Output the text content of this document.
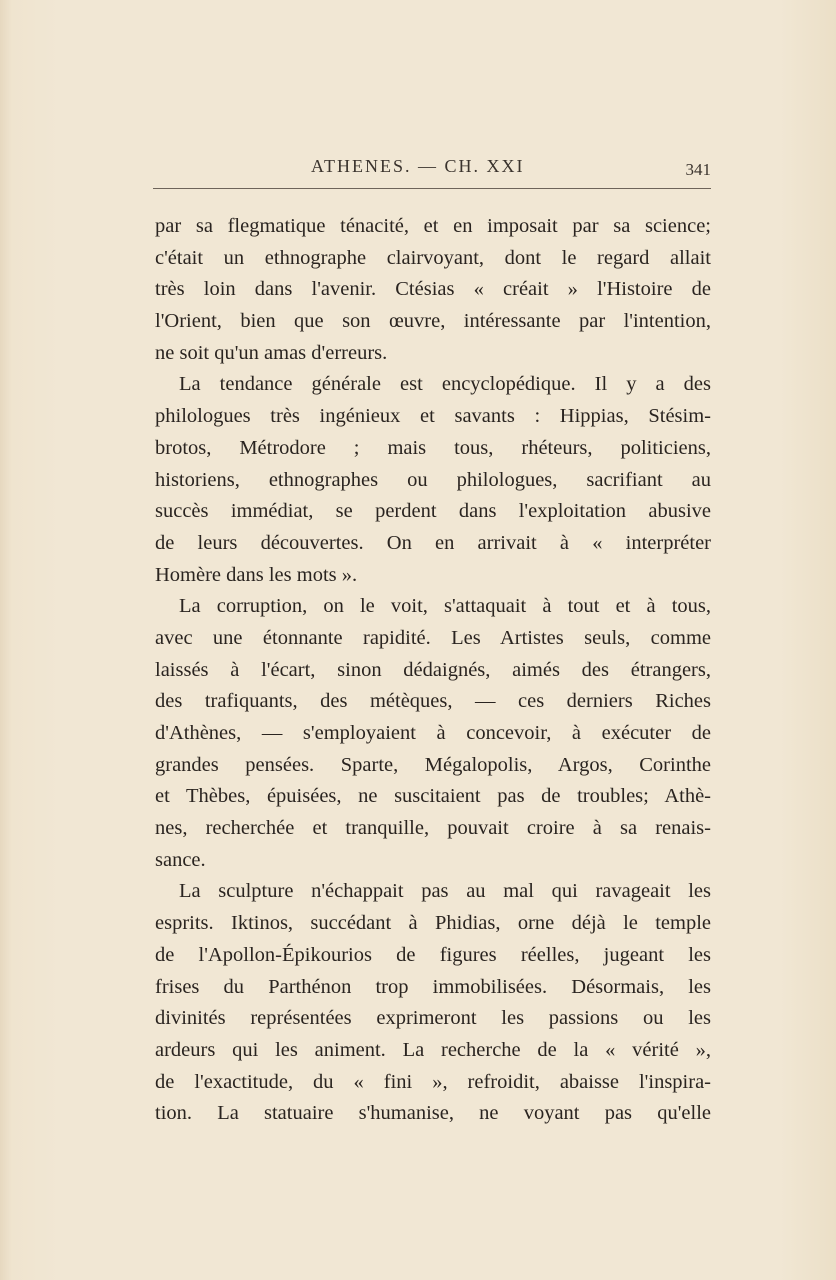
ATHENES. — CH. XXI	341
par sa flegmatique ténacité, et en imposait par sa science;
c'était un ethnographe clairvoyant, dont le regard allait
très loin dans l'avenir. Ctésias « créait » l'Histoire de
l'Orient, bien que son œuvre, intéressante par l'intention,
ne soit qu'un amas d'erreurs.
La tendance générale est encyclopédique. Il y a des
philologues très ingénieux et savants : Hippias, Stésim-
brotos, Métrodore ; mais tous, rhéteurs, politiciens,
historiens, ethnographes ou philologues, sacrifiant au
succès immédiat, se perdent dans l'exploitation abusive
de leurs découvertes. On en arrivait à « interpréter
Homère dans les mots ».
La corruption, on le voit, s'attaquait à tout et à tous,
avec une étonnante rapidité. Les Artistes seuls, comme
laissés à l'écart, sinon dédaignés, aimés des étrangers,
des trafiquants, des métèques, — ces derniers Riches
d'Athènes, — s'employaient à concevoir, à exécuter de
grandes pensées. Sparte, Mégalopolis, Argos, Corinthe
et Thèbes, épuisées, ne suscitaient pas de troubles; Athè-
nes, recherchée et tranquille, pouvait croire à sa renais-
sance.
La sculpture n'échappait pas au mal qui ravageait les
esprits. Iktinos, succédant à Phidias, orne déjà le temple
de l'Apollon-Épikourios de figures réelles, jugeant les
frises du Parthénon trop immobilisées. Désormais, les
divinités représentées exprimeront les passions ou les
ardeurs qui les animent. La recherche de la « vérité »,
de l'exactitude, du « fini », refroidit, abaisse l'inspira-
tion. La statuaire s'humanise, ne voyant pas qu'elle
